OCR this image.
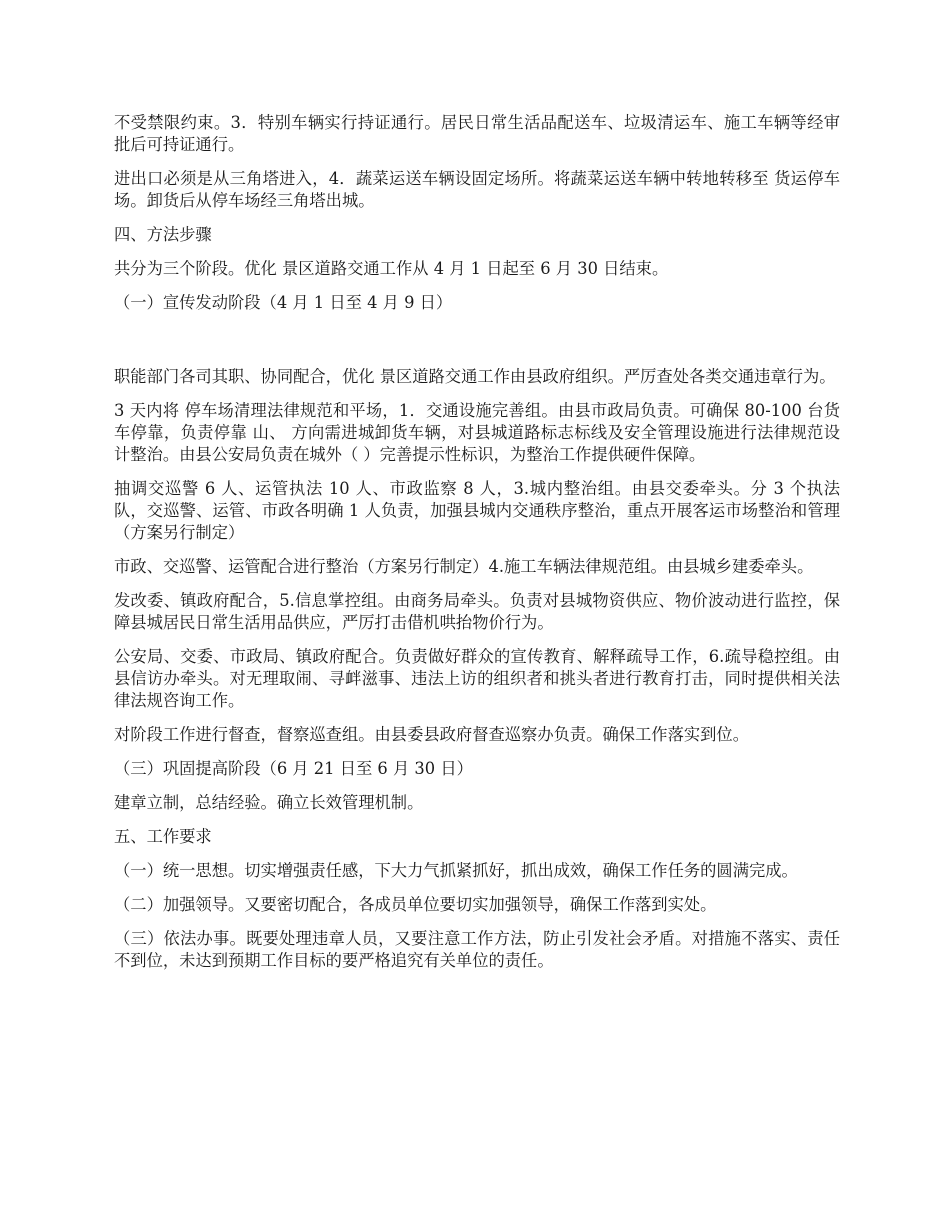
不受禁限约束。3．特别车辆实行持证通行。居民日常生活品配送车、垃圾清运车、施工车辆等经审批后可持证通行。

进出口必须是从三角塔进入，4．蔬菜运送车辆设固定场所。将蔬菜运送车辆中转地转移至 货运停车场。卸货后从停车场经三角塔出城。

四、方法步骤

共分为三个阶段。优化 景区道路交通工作从 4 月 1 日起至 6 月 30 日结束。

（一）宣传发动阶段（4 月 1 日至 4 月 9 日）

职能部门各司其职、协同配合，优化 景区道路交通工作由县政府组织。严厉查处各类交通违章行为。

3 天内将 停车场清理法律规范和平场，1．交通设施完善组。由县市政局负责。可确保 80-100 台货车停靠，负责停靠 山、 方向需进城卸货车辆，对县城道路标志标线及安全管理设施进行法律规范设计整治。由县公安局负责在城外（ ）完善提示性标识，为整治工作提供硬件保障。

抽调交巡警 6 人、运管执法 10 人、市政监察 8 人，3.城内整治组。由县交委牵头。分 3 个执法队，交巡警、运管、市政各明确 1 人负责，加强县城内交通秩序整治，重点开展客运市场整治和管理（方案另行制定）

市政、交巡警、运管配合进行整治（方案另行制定）4.施工车辆法律规范组。由县城乡建委牵头。

发改委、镇政府配合，5.信息掌控组。由商务局牵头。负责对县城物资供应、物价波动进行监控，保障县城居民日常生活用品供应，严厉打击借机哄抬物价行为。

公安局、交委、市政局、镇政府配合。负责做好群众的宣传教育、解释疏导工作，6.疏导稳控组。由县信访办牵头。对无理取闹、寻衅滋事、违法上访的组织者和挑头者进行教育打击，同时提供相关法律法规咨询工作。

对阶段工作进行督查，督察巡查组。由县委县政府督查巡察办负责。确保工作落实到位。

（三）巩固提高阶段（6 月 21 日至 6 月 30 日）

建章立制，总结经验。确立长效管理机制。

五、工作要求

（一）统一思想。切实增强责任感，下大力气抓紧抓好，抓出成效，确保工作任务的圆满完成。

（二）加强领导。又要密切配合，各成员单位要切实加强领导，确保工作落到实处。

（三）依法办事。既要处理违章人员，又要注意工作方法，防止引发社会矛盾。对措施不落实、责任不到位，未达到预期工作目标的要严格追究有关单位的责任。
